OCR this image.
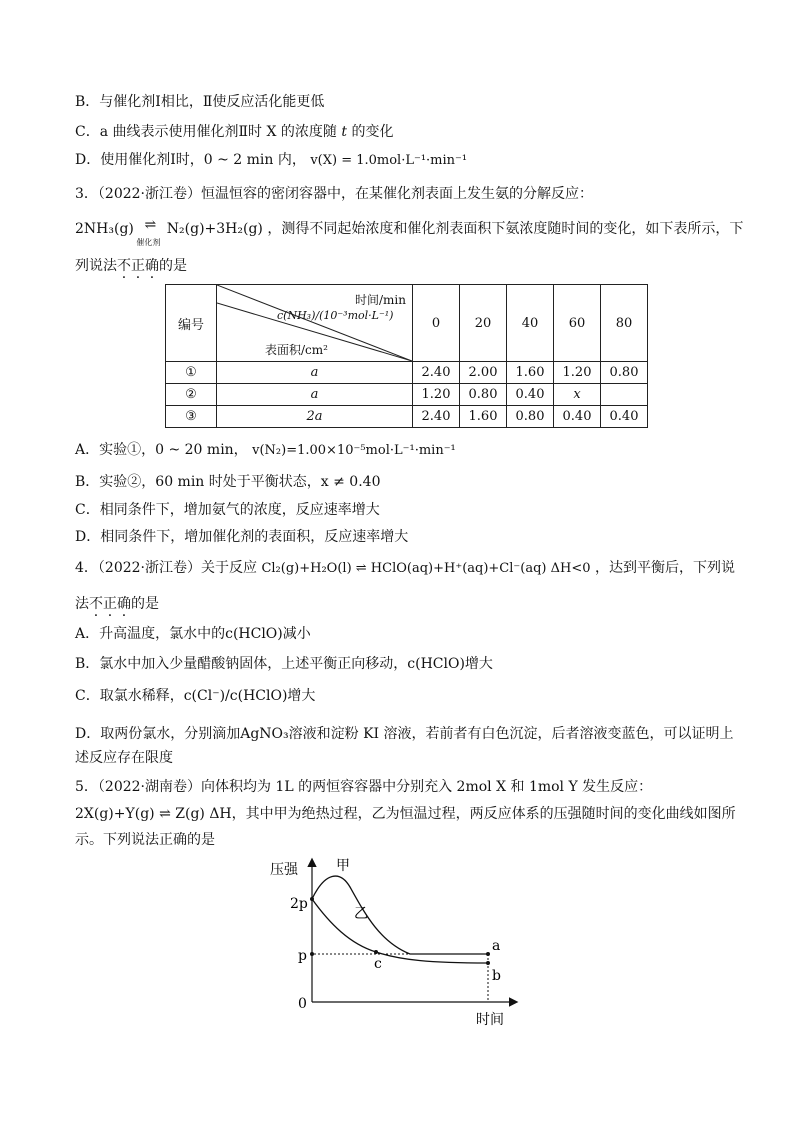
B．与催化剂Ⅰ相比，Ⅱ使反应活化能更低
C．a 曲线表示使用催化剂Ⅱ时 X 的浓度随 t 的变化
D．使用催化剂Ⅰ时，0 ~ 2 min 内， v(X) = 1.0mol·L⁻¹·min⁻¹
3．（2022·浙江卷）恒温恒容的密闭容器中，在某催化剂表面上发生氨的分解反应：
2NH₃(g) ⇌
催化剂
N₂(g)+3H₂(g) ，测得不同起始浓度和催化剂表面积下氨浓度随时间的变化，如下表所示，下
列说法不正确的是
编号	时间/min
c(NH₃)/(10⁻³mol·L⁻¹)
表面积/cm²	0	20	40	60	80
①	a	2.40	2.00	1.60	1.20	0.80
②	a	1.20	0.80	0.40	x	
③	2a	2.40	1.60	0.80	0.40	0.40
A．实验①，0 ~ 20 min， v(N₂)=1.00×10⁻⁵mol·L⁻¹·min⁻¹
B．实验②，60 min 时处于平衡状态，x ≠ 0.40
C．相同条件下，增加氨气的浓度，反应速率增大
D．相同条件下，增加催化剂的表面积，反应速率增大
4．（2022·浙江卷）关于反应 Cl₂(g)+H₂O(l) ⇌ HClO(aq)+H⁺(aq)+Cl⁻(aq) ΔH<0 ，达到平衡后，下列说
法不正确的是
A．升高温度，氯水中的c(HClO)减小
B．氯水中加入少量醋酸钠固体，上述平衡正向移动，c(HClO)增大
C．取氯水稀释，c(Cl⁻)/c(HClO)增大
D．取两份氯水，分别滴加AgNO₃溶液和淀粉 KI 溶液，若前者有白色沉淀，后者溶液变蓝色，可以证明上
述反应存在限度
5．（2022·湖南卷）向体积均为 1L 的两恒容容器中分别充入 2mol X 和 1mol Y 发生反应：
2X(g)+Y(g) ⇌ Z(g) ΔH，其中甲为绝热过程，乙为恒温过程，两反应体系的压强随时间的变化曲线如图所
示。下列说法正确的是
压强
时间
2p
p
0
甲
乙
a
b
c
